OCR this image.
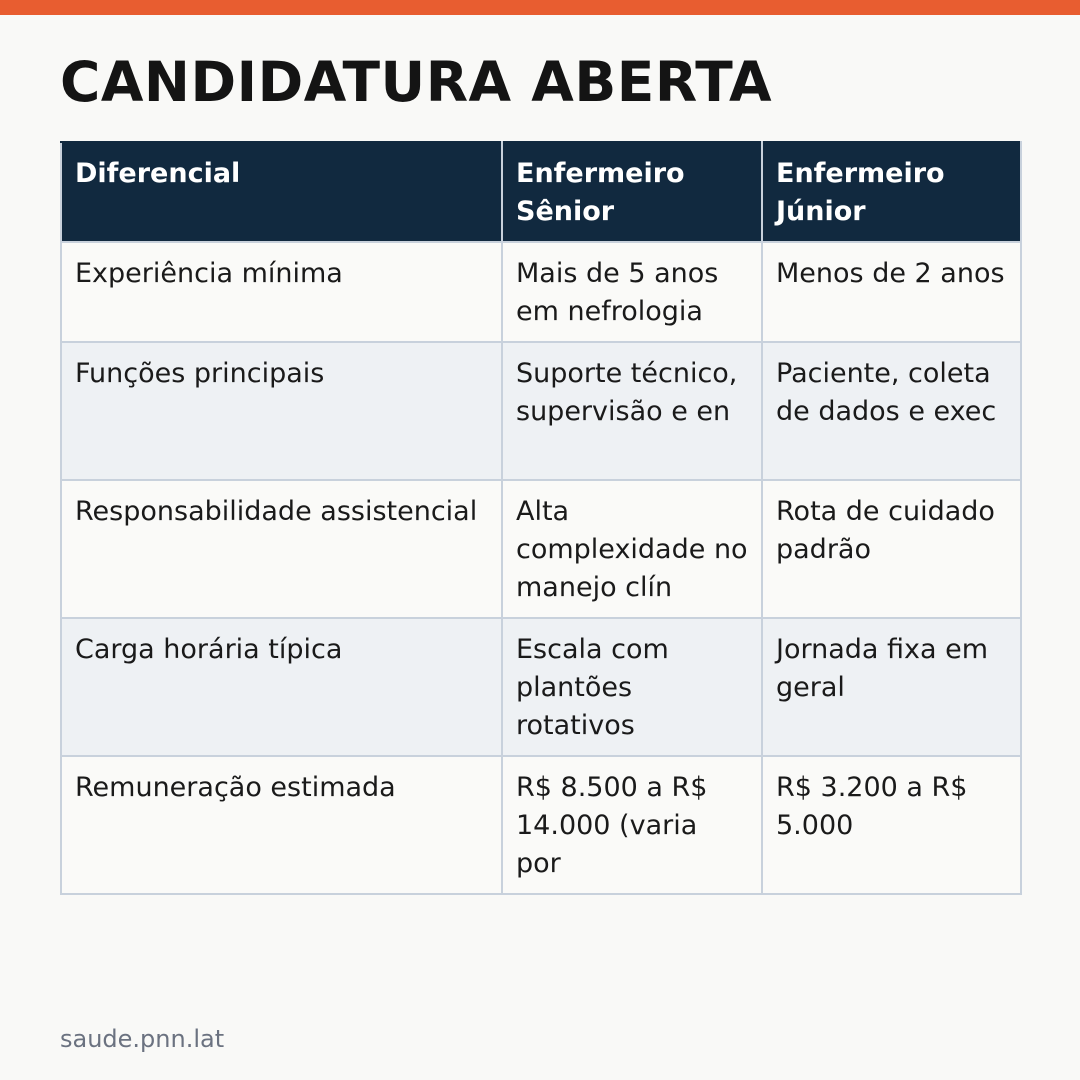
CANDIDATURA ABERTA
Diferencial	Enfermeiro Sênior	Enfermeiro Júnior
Experiência mínima	Mais de 5 anos em nefrologia	Menos de 2 anos
Funções principais	Suporte técnico, supervisão e en	Paciente, coleta de dados e exec
Responsabilidade assistencial	Alta complexidade no manejo clín	Rota de cuidado padrão
Carga horária típica	Escala com plantões rotativos	Jornada fixa em geral
Remuneração estimada	R$ 8.500 a R$ 14.000 (varia por	R$ 3.200 a R$ 5.000
saude.pnn.lat
